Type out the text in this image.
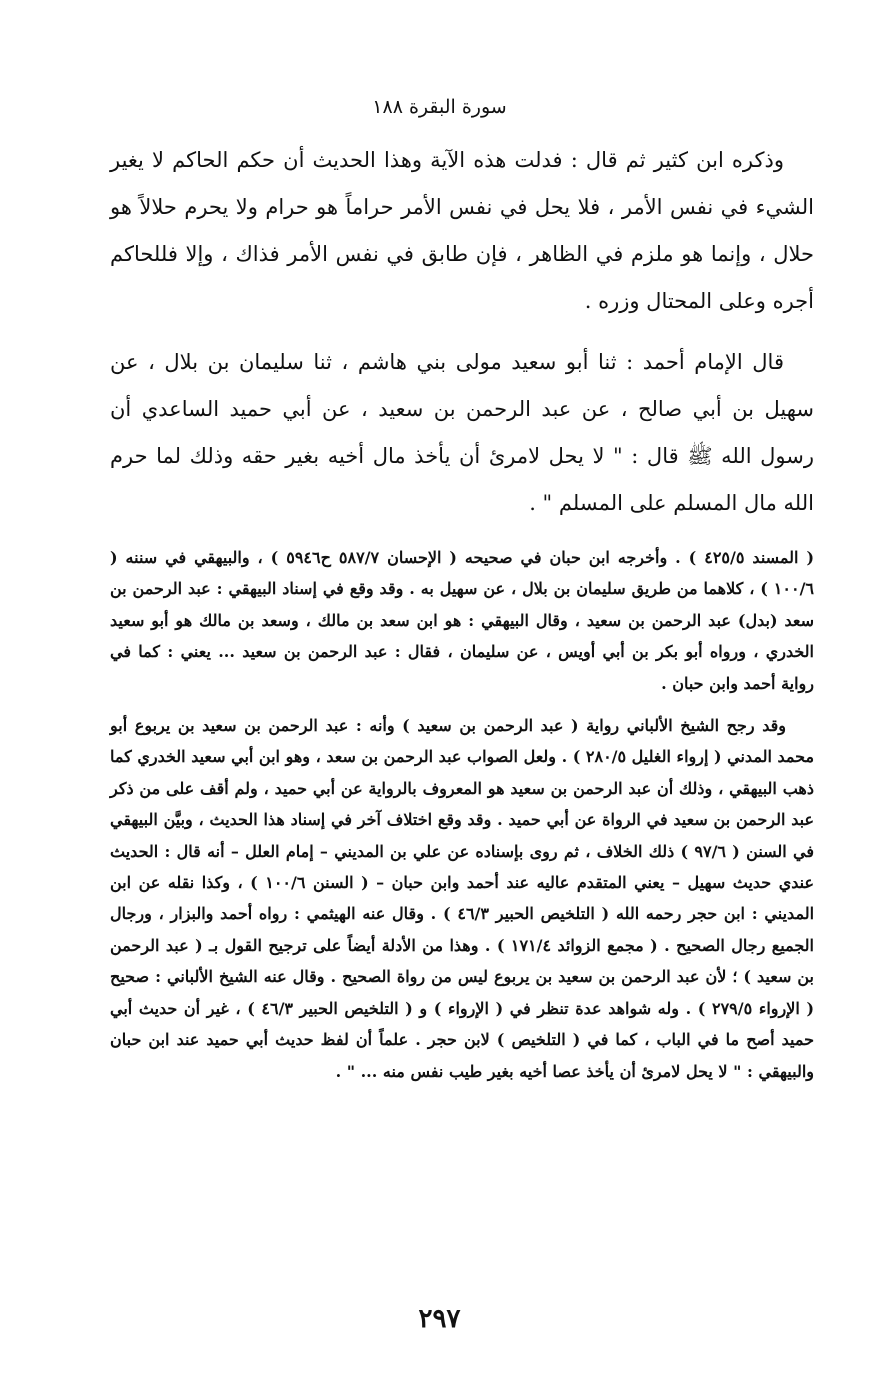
سورة البقرة ١٨٨

وذكره ابن كثير ثم قال : فدلت هذه الآية وهذا الحديث أن حكم الحاكم لا يغير الشيء في نفس الأمر ، فلا يحل في نفس الأمر حراماً هو حرام ولا يحرم حلالاً هو حلال ، وإنما هو ملزم في الظاهر ، فإن طابق في نفس الأمر فذاك ، وإلا فللحاكم أجره وعلى المحتال وزره .

قال الإمام أحمد : ثنا أبو سعيد مولى بني هاشم ، ثنا سليمان بن بلال ، عن سهيل بن أبي صالح ، عن عبد الرحمن بن سعيد ، عن أبي حميد الساعدي أن رسول الله ﷺ قال : " لا يحل لامرئ أن يأخذ مال أخيه بغير حقه وذلك لما حرم الله مال المسلم على المسلم " .

( المسند ٤٢٥/٥ ) . وأخرجه ابن حبان في صحيحه ( الإحسان ٥٨٧/٧ ح٥٩٤٦ ) ، والبيهقي في سننه ( ١٠٠/٦ ) ، كلاهما من طريق سليمان بن بلال ، عن سهيل به . وقد وقع في إسناد البيهقي : عبد الرحمن بن سعد (بدل) عبد الرحمن بن سعيد ، وقال البيهقي : هو ابن سعد بن مالك ، وسعد بن مالك هو أبو سعيد الخدري ، ورواه أبو بكر بن أبي أويس ، عن سليمان ، فقال : عبد الرحمن بن سعيد ... يعني : كما في رواية أحمد وابن حبان .

وقد رجح الشيخ الألباني رواية ( عبد الرحمن بن سعيد ) وأنه : عبد الرحمن بن سعيد بن يربوع أبو محمد المدني ( إرواء الغليل ٢٨٠/٥ ) . ولعل الصواب عبد الرحمن بن سعد ، وهو ابن أبي سعيد الخدري كما ذهب البيهقي ، وذلك أن عبد الرحمن بن سعيد هو المعروف بالرواية عن أبي حميد ، ولم أقف على من ذكر عبد الرحمن بن سعيد في الرواة عن أبي حميد . وقد وقع اختلاف آخر في إسناد هذا الحديث ، وبيَّن البيهقي في السنن ( ٩٧/٦ ) ذلك الخلاف ، ثم روى بإسناده عن علي بن المديني – إمام العلل – أنه قال : الحديث عندي حديث سهيل – يعني المتقدم عاليه عند أحمد وابن حبان – ( السنن ١٠٠/٦ ) ، وكذا نقله عن ابن المديني : ابن حجر رحمه الله ( التلخيص الحبير ٤٦/٣ ) . وقال عنه الهيثمي : رواه أحمد والبزار ، ورجال الجميع رجال الصحيح . ( مجمع الزوائد ١٧١/٤ ) . وهذا من الأدلة أيضاً على ترجيح القول بـ ( عبد الرحمن بن سعيد ) ؛ لأن عبد الرحمن بن سعيد بن يربوع ليس من رواة الصحيح . وقال عنه الشيخ الألباني : صحيح ( الإرواء ٢٧٩/٥ ) . وله شواهد عدة تنظر في ( الإرواء ) و ( التلخيص الحبير ٤٦/٣ ) ، غير أن حديث أبي حميد أصح ما في الباب ، كما في ( التلخيص ) لابن حجر . علماً أن لفظ حديث أبي حميد عند ابن حبان والبيهقي : " لا يحل لامرئ أن يأخذ عصا أخيه بغير طيب نفس منه ... " .

٢٩٧
